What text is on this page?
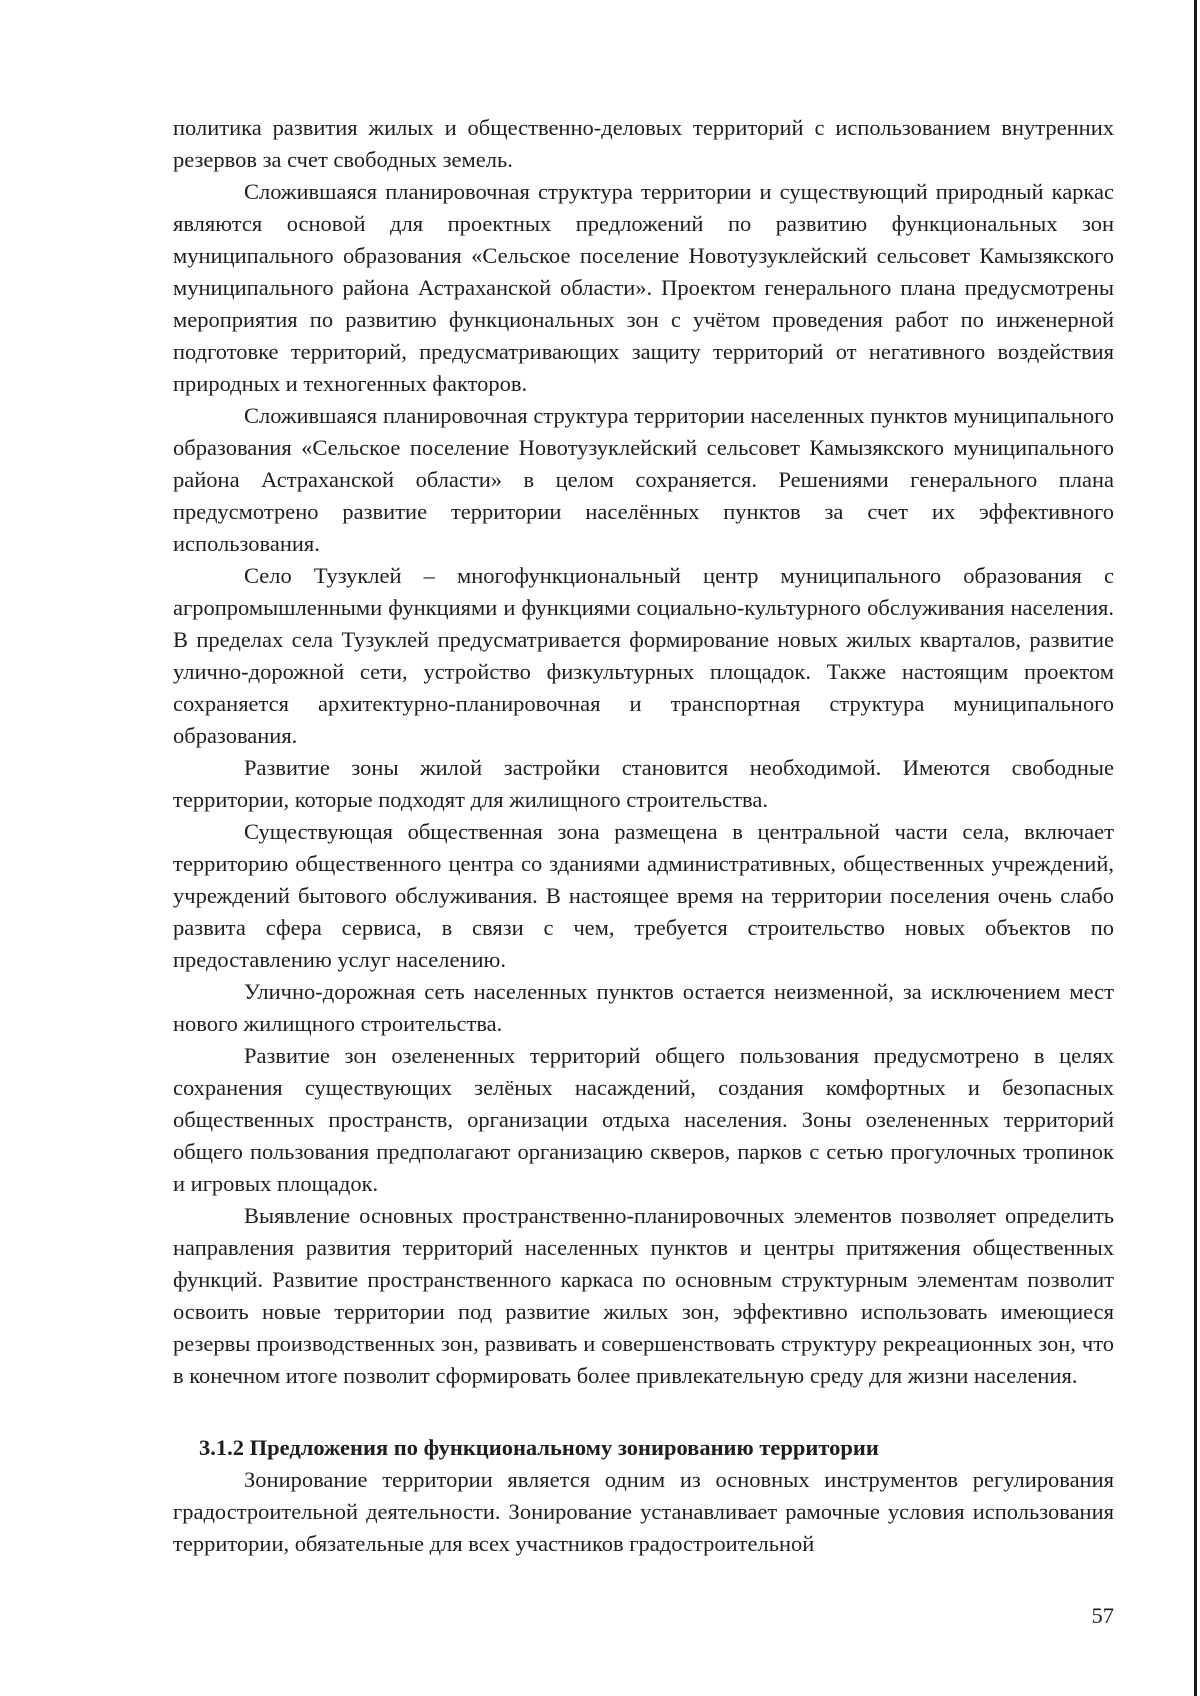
политика развития жилых и общественно-деловых территорий с использованием внутренних резервов за счет свободных земель.

Сложившаяся планировочная структура территории и существующий природный каркас являются основой для проектных предложений по развитию функциональных зон муниципального образования «Сельское поселение Новотузуклейский сельсовет Камызякского муниципального района Астраханской области». Проектом генерального плана предусмотрены мероприятия по развитию функциональных зон с учётом проведения работ по инженерной подготовке территорий, предусматривающих защиту территорий от негативного воздействия природных и техногенных факторов.

Сложившаяся планировочная структура территории населенных пунктов муниципального образования «Сельское поселение Новотузуклейский сельсовет Камызякского муниципального района Астраханской области» в целом сохраняется. Решениями генерального плана предусмотрено развитие территории населённых пунктов за счет их эффективного использования.

Село Тузуклей – многофункциональный центр муниципального образования с агропромышленными функциями и функциями социально-культурного обслуживания населения. В пределах села Тузуклей предусматривается формирование новых жилых кварталов, развитие улично-дорожной сети, устройство физкультурных площадок. Также настоящим проектом сохраняется архитектурно-планировочная и транспортная структура муниципального образования.

Развитие зоны жилой застройки становится необходимой. Имеются свободные территории, которые подходят для жилищного строительства.

Существующая общественная зона размещена в центральной части села, включает территорию общественного центра со зданиями административных, общественных учреждений, учреждений бытового обслуживания. В настоящее время на территории поселения очень слабо развита сфера сервиса, в связи с чем, требуется строительство новых объектов по предоставлению услуг населению.

Улично-дорожная сеть населенных пунктов остается неизменной, за исключением мест нового жилищного строительства.

Развитие зон озелененных территорий общего пользования предусмотрено в целях сохранения существующих зелёных насаждений, создания комфортных и безопасных общественных пространств, организации отдыха населения. Зоны озелененных территорий общего пользования предполагают организацию скверов, парков с сетью прогулочных тропинок и игровых площадок.

Выявление основных пространственно-планировочных элементов позволяет определить направления развития территорий населенных пунктов и центры притяжения общественных функций. Развитие пространственного каркаса по основным структурным элементам позволит освоить новые территории под развитие жилых зон, эффективно использовать имеющиеся резервы производственных зон, развивать и совершенствовать структуру рекреационных зон, что в конечном итоге позволит сформировать более привлекательную среду для жизни населения.

3.1.2 Предложения по функциональному зонированию территории

Зонирование территории является одним из основных инструментов регулирования градостроительной деятельности. Зонирование устанавливает рамочные условия использования территории, обязательные для всех участников градостроительной

57
